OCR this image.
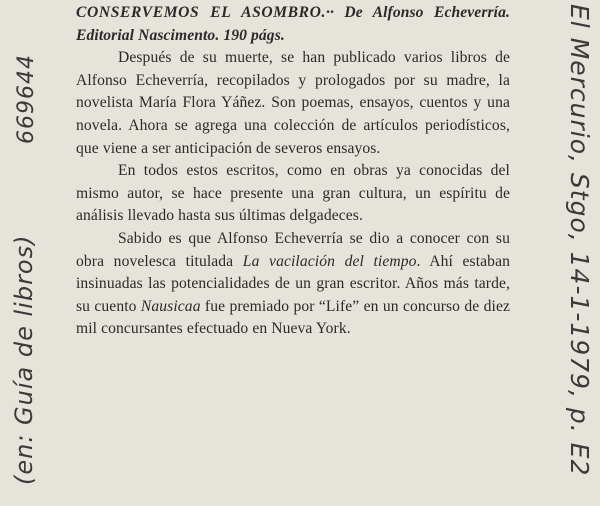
CONSERVEMOS EL ASOMBRO.·· De Alfonso Echeverría. Editorial Nascimento. 190 págs.

Después de su muerte, se han publicado varios libros de Alfonso Echeverría, recopilados y prologados por su madre, la novelista María Flora Yáñez. Son poemas, ensayos, cuentos y una novela. Ahora se agrega una colección de artículos periodísticos, que viene a ser anticipación de severos ensayos.

En todos estos escritos, como en obras ya conocidas del mismo autor, se hace presente una gran cultura, un espíritu de análisis llevado hasta sus últimas delgadeces.

Sabido es que Alfonso Echeverría se dio a conocer con su obra novelesca titulada La vacilación del tiempo. Ahí estaban insinuadas las potencialidades de un gran escritor. Años más tarde, su cuento Nausicaa fue premiado por “Life” en un concurso de diez mil concursantes efectuado en Nueva York.

(en: Guía de libros)
669644	El Mercurio, Stgo, 14-1-1979, p. E2
